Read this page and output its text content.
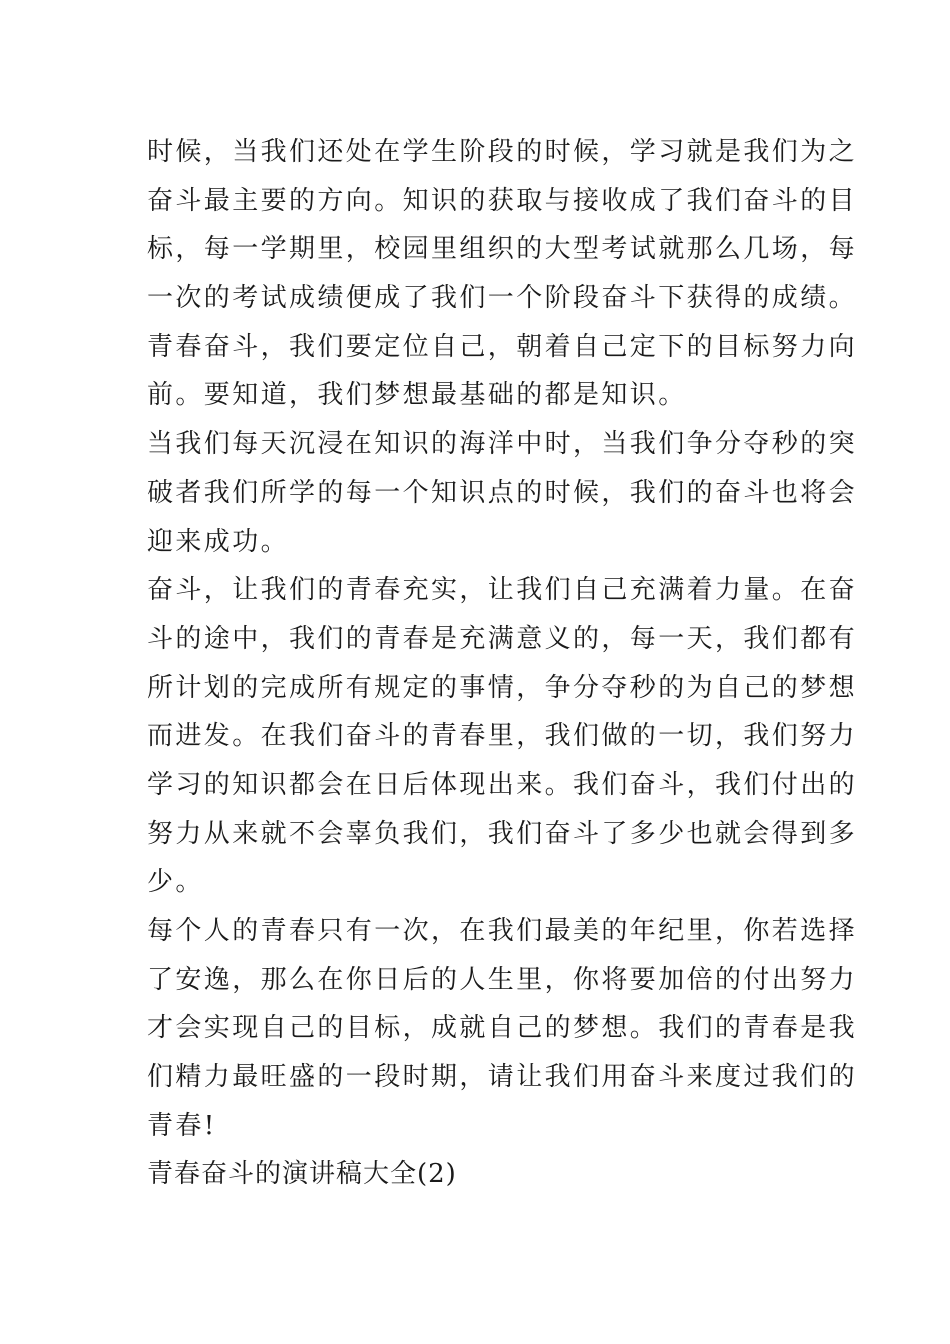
时候，当我们还处在学生阶段的时候，学习就是我们为之
奋斗最主要的方向。知识的获取与接收成了我们奋斗的目
标，每一学期里，校园里组织的大型考试就那么几场，每
一次的考试成绩便成了我们一个阶段奋斗下获得的成绩。
青春奋斗，我们要定位自己，朝着自己定下的目标努力向
前。要知道，我们梦想最基础的都是知识。
当我们每天沉浸在知识的海洋中时，当我们争分夺秒的突
破者我们所学的每一个知识点的时候，我们的奋斗也将会
迎来成功。
奋斗，让我们的青春充实，让我们自己充满着力量。在奋
斗的途中，我们的青春是充满意义的，每一天，我们都有
所计划的完成所有规定的事情，争分夺秒的为自己的梦想
而进发。在我们奋斗的青春里，我们做的一切，我们努力
学习的知识都会在日后体现出来。我们奋斗，我们付出的
努力从来就不会辜负我们，我们奋斗了多少也就会得到多
少。
每个人的青春只有一次，在我们最美的年纪里，你若选择
了安逸，那么在你日后的人生里，你将要加倍的付出努力
才会实现自己的目标，成就自己的梦想。我们的青春是我
们精力最旺盛的一段时期，请让我们用奋斗来度过我们的
青春!
青春奋斗的演讲稿大全(2)
